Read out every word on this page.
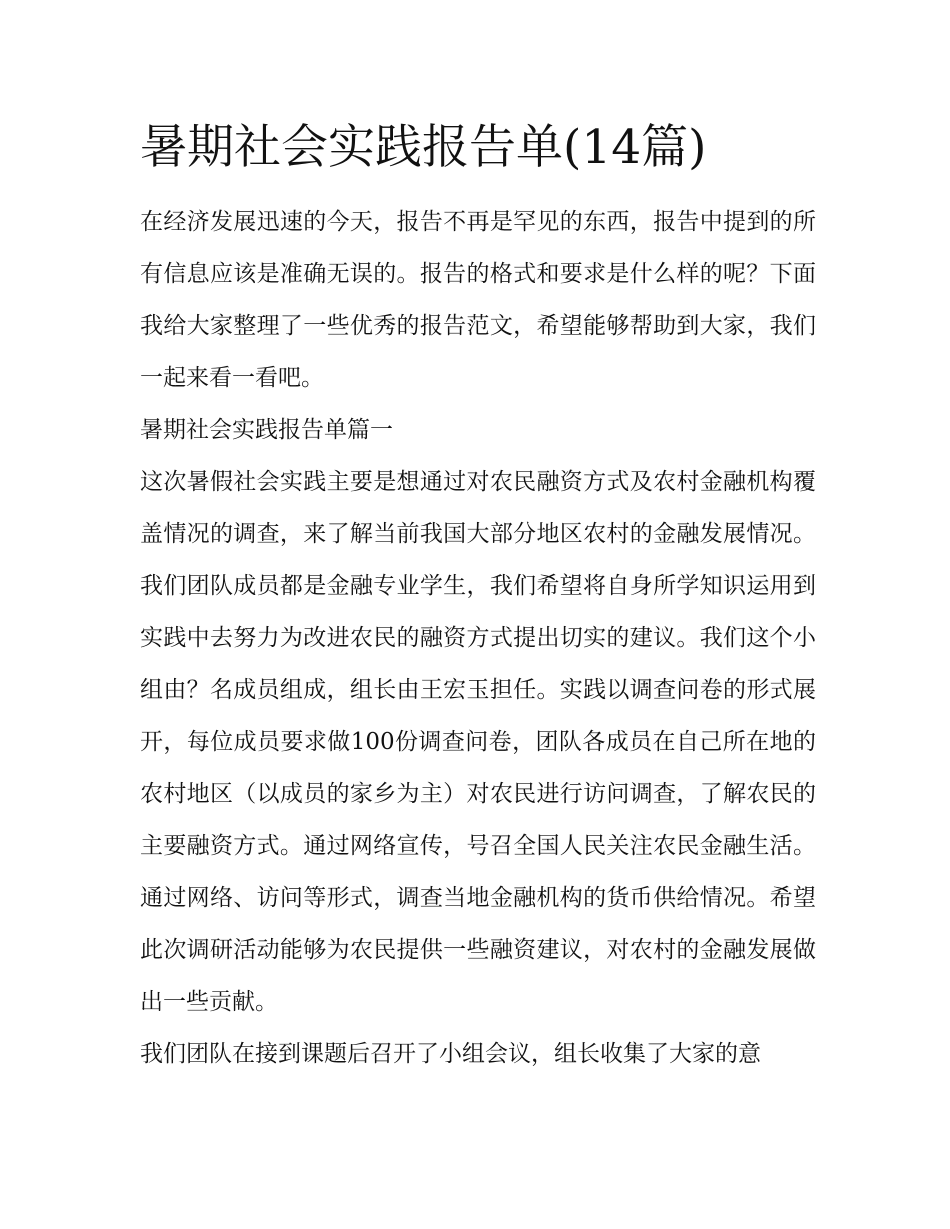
暑期社会实践报告单(14篇)

在经济发展迅速的今天，报告不再是罕见的东西，报告中提到的所有信息应该是准确无误的。报告的格式和要求是什么样的呢？下面我给大家整理了一些优秀的报告范文，希望能够帮助到大家，我们一起来看一看吧。

暑期社会实践报告单篇一

这次暑假社会实践主要是想通过对农民融资方式及农村金融机构覆盖情况的调查，来了解当前我国大部分地区农村的金融发展情况。我们团队成员都是金融专业学生，我们希望将自身所学知识运用到实践中去努力为改进农民的融资方式提出切实的建议。我们这个小组由？名成员组成，组长由王宏玉担任。实践以调查问卷的形式展开，每位成员要求做100份调查问卷，团队各成员在自己所在地的农村地区（以成员的家乡为主）对农民进行访问调查，了解农民的主要融资方式。通过网络宣传，号召全国人民关注农民金融生活。通过网络、访问等形式，调查当地金融机构的货币供给情况。希望此次调研活动能够为农民提供一些融资建议，对农村的金融发展做出一些贡献。

我们团队在接到课题后召开了小组会议，组长收集了大家的意
